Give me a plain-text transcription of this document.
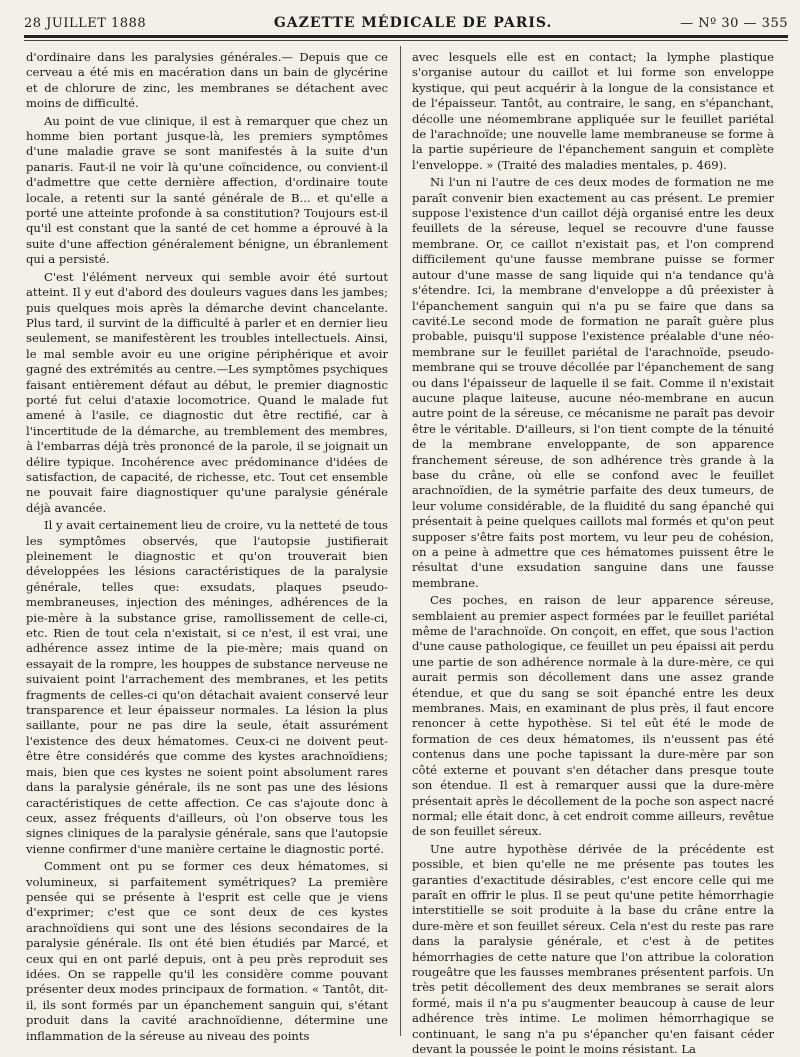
28 JUILLET 1888	GAZETTE MÉDICALE DE PARIS.	— Nº 30 — 355

d'ordinaire dans les paralysies générales.— Depuis que ce cerveau a été mis en macération dans un bain de glycérine et de chlorure de zinc, les membranes se détachent avec moins de difficulté.

Au point de vue clinique, il est à remarquer que chez un homme bien portant jusque-là, les premiers symptômes d'une maladie grave se sont manifestés à la suite d'un panaris. Faut-il ne voir là qu'une coïncidence, ou convient-il d'admettre que cette dernière affection, d'ordinaire toute locale, a retenti sur la santé générale de B... et qu'elle a porté une atteinte profonde à sa constitution? Toujours est-il qu'il est constant que la santé de cet homme a éprouvé à la suite d'une affection généralement bénigne, un ébranlement qui a persisté.

C'est l'élément nerveux qui semble avoir été surtout atteint. Il y eut d'abord des douleurs vagues dans les jambes; puis quelques mois après la démarche devint chancelante. Plus tard, il survint de la difficulté à parler et en dernier lieu seulement, se manifestèrent les troubles intellectuels. Ainsi, le mal semble avoir eu une origine périphérique et avoir gagné des extrémités au centre.—Les symptômes psychiques faisant entièrement défaut au début, le premier diagnostic porté fut celui d'ataxie locomotrice. Quand le malade fut amené à l'asile, ce diagnostic dut être rectifié, car à l'incertitude de la démarche, au tremblement des membres, à l'embarras déjà très prononcé de la parole, il se joignait un délire typique. Incohérence avec prédominance d'idées de satisfaction, de capacité, de richesse, etc. Tout cet ensemble ne pouvait faire diagnostiquer qu'une paralysie générale déjà avancée.

Il y avait certainement lieu de croire, vu la netteté de tous les symptômes observés, que l'autopsie justifierait pleinement le diagnostic et qu'on trouverait bien développées les lésions caractéristiques de la paralysie générale, telles que: exsudats, plaques pseudo-membraneuses, injection des méninges, adhérences de la pie-mère à la substance grise, ramollissement de celle-ci, etc. Rien de tout cela n'existait, si ce n'est, il est vrai, une adhérence assez intime de la pie-mère; mais quand on essayait de la rompre, les houppes de substance nerveuse ne suivaient point l'arrachement des membranes, et les petits fragments de celles-ci qu'on détachait avaient conservé leur transparence et leur épaisseur normales. La lésion la plus saillante, pour ne pas dire la seule, était assurément l'existence des deux hématomes. Ceux-ci ne doivent peut-être être considérés que comme des kystes arachnoïdiens; mais, bien que ces kystes ne soient point absolument rares dans la paralysie générale, ils ne sont pas une des lésions caractéristiques de cette affection. Ce cas s'ajoute donc à ceux, assez fréquents d'ailleurs, où l'on observe tous les signes cliniques de la paralysie générale, sans que l'autopsie vienne confirmer d'une manière certaine le diagnostic porté.

Comment ont pu se former ces deux hématomes, si volumineux, si parfaitement symétriques? La première pensée qui se présente à l'esprit est celle que je viens d'exprimer; c'est que ce sont deux de ces kystes arachnoïdiens qui sont une des lésions secondaires de la paralysie générale. Ils ont été bien étudiés par Marcé, et ceux qui en ont parlé depuis, ont à peu près reproduit ses idées. On se rappelle qu'il les considère comme pouvant présenter deux modes principaux de formation. « Tantôt, dit-il, ils sont formés par un épanchement sanguin qui, s'étant produit dans la cavité arachnoïdienne, détermine une inflammation de la séreuse au niveau des points

avec lesquels elle est en contact; la lymphe plastique s'organise autour du caillot et lui forme son enveloppe kystique, qui peut acquérir à la longue de la consistance et de l'épaisseur. Tantôt, au contraire, le sang, en s'épanchant, décolle une néomembrane appliquée sur le feuillet pariétal de l'arachnoïde; une nouvelle lame membraneuse se forme à la partie supérieure de l'épanchement sanguin et complète l'enveloppe. » (Traité des maladies mentales, p. 469).

Ni l'un ni l'autre de ces deux modes de formation ne me paraît convenir bien exactement au cas présent. Le premier suppose l'existence d'un caillot déjà organisé entre les deux feuillets de la séreuse, lequel se recouvre d'une fausse membrane. Or, ce caillot n'existait pas, et l'on comprend difficilement qu'une fausse membrane puisse se former autour d'une masse de sang liquide qui n'a tendance qu'à s'étendre. Ici, la membrane d'enveloppe a dû préexister à l'épanchement sanguin qui n'a pu se faire que dans sa cavité.Le second mode de formation ne paraît guère plus probable, puisqu'il suppose l'existence préalable d'une néo-membrane sur le feuillet pariétal de l'arachnoïde, pseudo-membrane qui se trouve décollée par l'épanchement de sang ou dans l'épaisseur de laquelle il se fait. Comme il n'existait aucune plaque laiteuse, aucune néo-membrane en aucun autre point de la séreuse, ce mécanisme ne paraît pas devoir être le véritable. D'ailleurs, si l'on tient compte de la ténuité de la membrane enveloppante, de son apparence franchement séreuse, de son adhérence très grande à la base du crâne, où elle se confond avec le feuillet arachnoïdien, de la symétrie parfaite des deux tumeurs, de leur volume considérable, de la fluidité du sang épanché qui présentait à peine quelques caillots mal formés et qu'on peut supposer s'être faits post mortem, vu leur peu de cohésion, on a peine à admettre que ces hématomes puissent être le résultat d'une exsudation sanguine dans une fausse membrane.

Ces poches, en raison de leur apparence séreuse, semblaient au premier aspect formées par le feuillet pariétal même de l'arachnoïde. On conçoit, en effet, que sous l'action d'une cause pathologique, ce feuillet un peu épaissi ait perdu une partie de son adhérence normale à la dure-mère, ce qui aurait permis son décollement dans une assez grande étendue, et que du sang se soit épanché entre les deux membranes. Mais, en examinant de plus près, il faut encore renoncer à cette hypothèse. Si tel eût été le mode de formation de ces deux hématomes, ils n'eussent pas été contenus dans une poche tapissant la dure-mère par son côté externe et pouvant s'en détacher dans presque toute son étendue. Il est à remarquer aussi que la dure-mère présentait après le décollement de la poche son aspect nacré normal; elle était donc, à cet endroit comme ailleurs, revêtue de son feuillet séreux.

Une autre hypothèse dérivée de la précédente est possible, et bien qu'elle ne me présente pas toutes les garanties d'exactitude désirables, c'est encore celle qui me paraît en offrir le plus. Il se peut qu'une petite hémorrhagie interstitielle se soit produite à la base du crâne entre la dure-mère et son feuillet séreux. Cela n'est du reste pas rare dans la paralysie générale, et c'est à de petites hémorrhagies de cette nature que l'on attribue la coloration rougeâtre que les fausses membranes présentent parfois. Un très petit décollement des deux membranes se serait alors formé, mais il n'a pu s'augmenter beaucoup à cause de leur adhérence très intime. Le molimen hémorrhagique se continuant, le sang n'a pu s'épancher qu'en faisant céder devant la poussée le point le moins résistant. La
